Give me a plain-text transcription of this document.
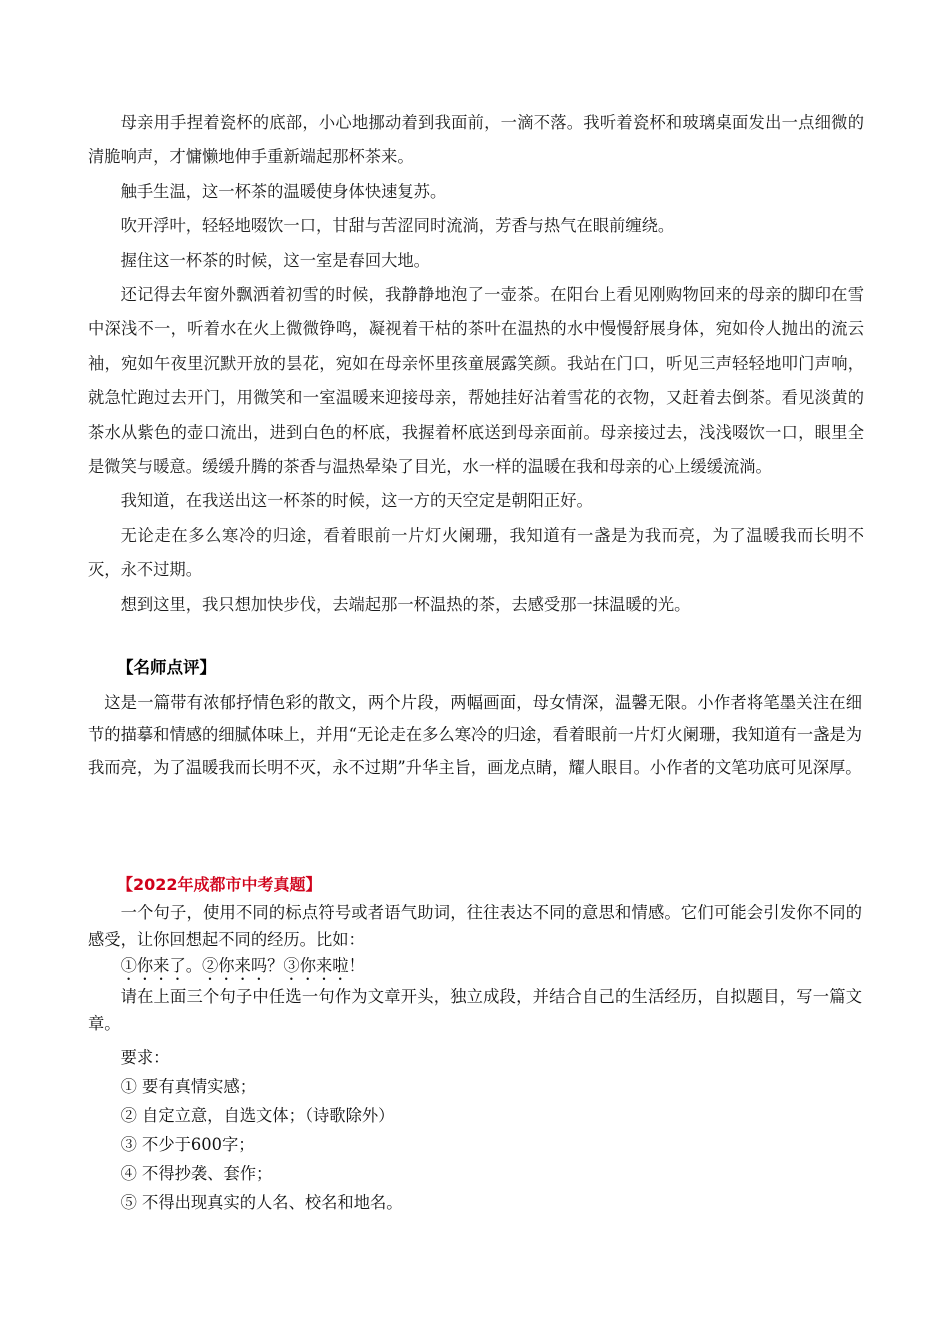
母亲用手捏着瓷杯的底部，小心地挪动着到我面前，一滴不落。我听着瓷杯和玻璃桌面发出一点细微的清脆响声，才慵懒地伸手重新端起那杯茶来。

触手生温，这一杯茶的温暖使身体快速复苏。

吹开浮叶，轻轻地啜饮一口，甘甜与苦涩同时流淌，芳香与热气在眼前缠绕。

握住这一杯茶的时候，这一室是春回大地。

还记得去年窗外飘洒着初雪的时候，我静静地泡了一壶茶。在阳台上看见刚购物回来的母亲的脚印在雪中深浅不一，听着水在火上微微铮鸣，凝视着干枯的茶叶在温热的水中慢慢舒展身体，宛如伶人抛出的流云袖，宛如午夜里沉默开放的昙花，宛如在母亲怀里孩童展露笑颜。我站在门口，听见三声轻轻地叩门声响，就急忙跑过去开门，用微笑和一室温暖来迎接母亲，帮她挂好沾着雪花的衣物，又赶着去倒茶。看见淡黄的茶水从紫色的壶口流出，进到白色的杯底，我握着杯底送到母亲面前。母亲接过去，浅浅啜饮一口，眼里全是微笑与暖意。缓缓升腾的茶香与温热晕染了目光，水一样的温暖在我和母亲的心上缓缓流淌。

我知道，在我送出这一杯茶的时候，这一方的天空定是朝阳正好。

无论走在多么寒冷的归途，看着眼前一片灯火阑珊，我知道有一盏是为我而亮，为了温暖我而长明不灭，永不过期。

想到这里，我只想加快步伐，去端起那一杯温热的茶，去感受那一抹温暖的光。

【名师点评】

这是一篇带有浓郁抒情色彩的散文，两个片段，两幅画面，母女情深，温馨无限。小作者将笔墨关注在细节的描摹和情感的细腻体味上，并用“无论走在多么寒冷的归途，看着眼前一片灯火阑珊，我知道有一盏是为我而亮，为了温暖我而长明不灭，永不过期”升华主旨，画龙点睛，耀人眼目。小作者的文笔功底可见深厚。

【2022年成都市中考真题】

一个句子，使用不同的标点符号或者语气助词，往往表达不同的意思和情感。它们可能会引发你不同的感受，让你回想起不同的经历。比如：

①你来了。②你来吗？③你来啦！

请在上面三个句子中任选一句作为文章开头，独立成段，并结合自己的生活经历，自拟题目，写一篇文章。

要求：

① 要有真情实感；

② 自定立意，自选文体；（诗歌除外）

③ 不少于600字；

④ 不得抄袭、套作；

⑤ 不得出现真实的人名、校名和地名。
